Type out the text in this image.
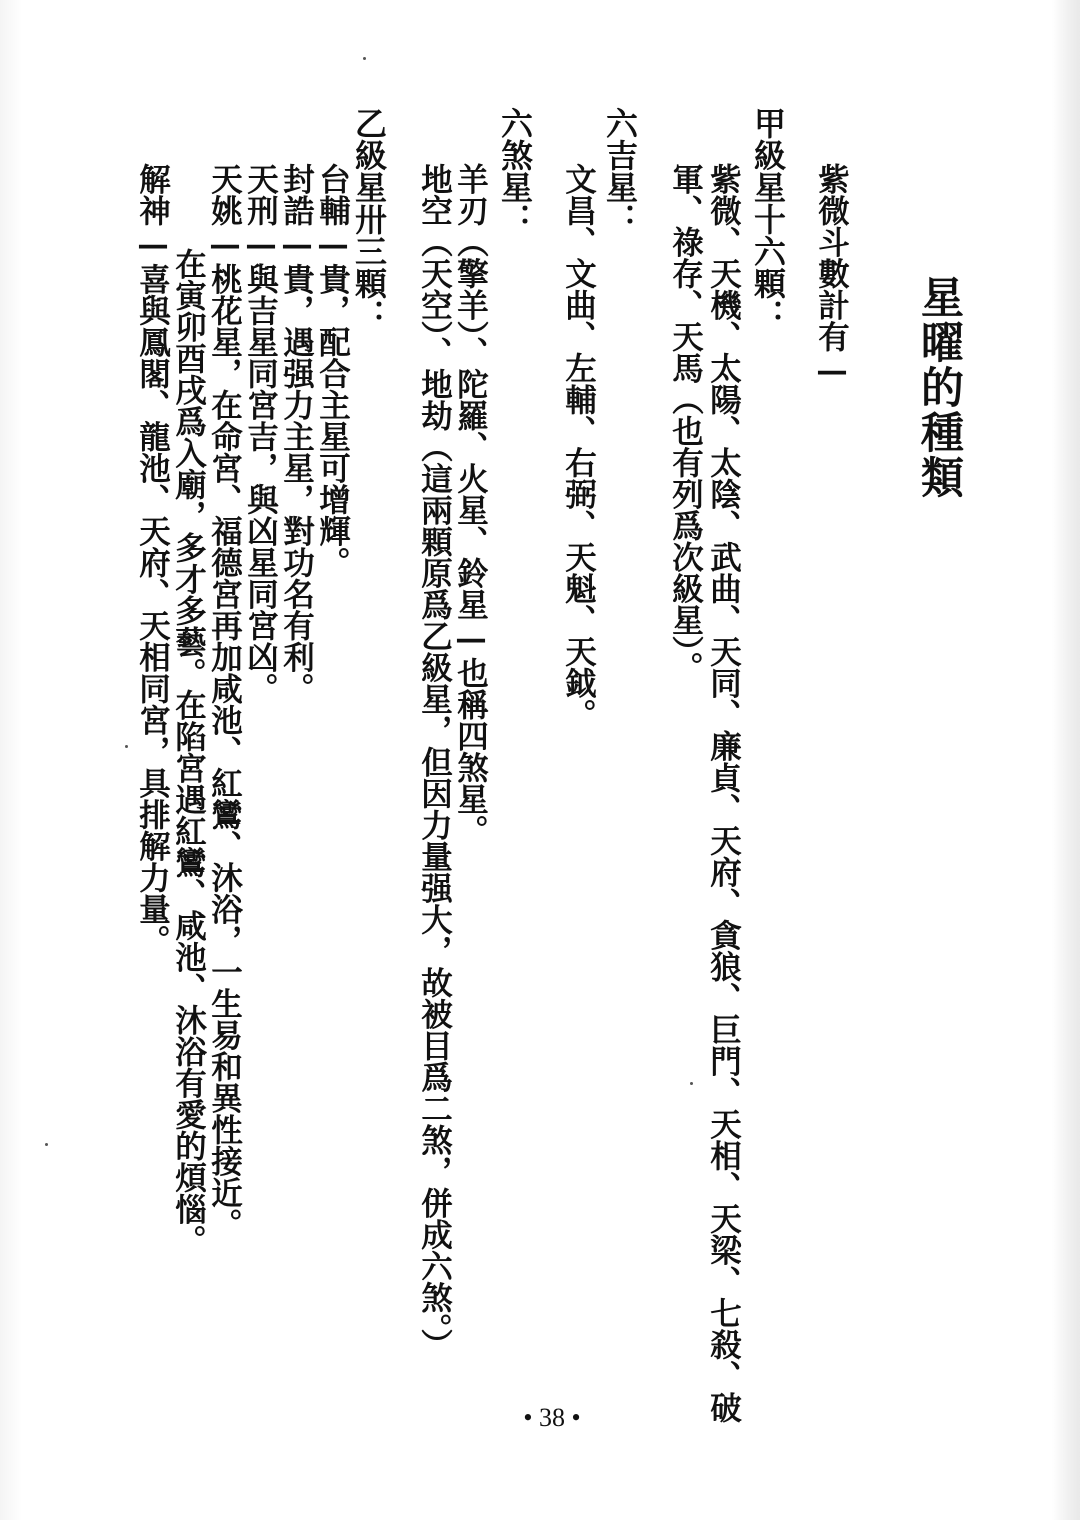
星曜的種類
紫微斗數計有—
甲級星十六顆：
紫微、天機、太陽、太陰、武曲、天同、廉貞、天府、貪狼、巨門、天相、天梁、七殺、破
軍、祿存、天馬（也有列爲次級星）。
六吉星：
文昌、文曲、左輔、右弼、天魁、天鉞。
六煞星：
羊刃（擎羊）、陀羅、火星、鈴星—也稱四煞星。
地空（天空）、地劫（這兩顆原爲乙級星，但因力量强大，故被目爲二煞，併成六煞。）
乙級星卅三顆：
台輔—貴，配合主星可增輝。
封誥—貴，遇强力主星，對功名有利。
天刑—與吉星同宮吉，與凶星同宮凶。
天姚—桃花星，在命宮、福德宮再加咸池、紅鸞、沐浴，一生易和異性接近。
在寅卯酉戌爲入廟，多才多藝。在陷宮遇紅鸞、咸池、沐浴有愛的煩惱。
解神—喜與鳳閣、龍池、天府、天相同宮，具排解力量。
• 38 •
